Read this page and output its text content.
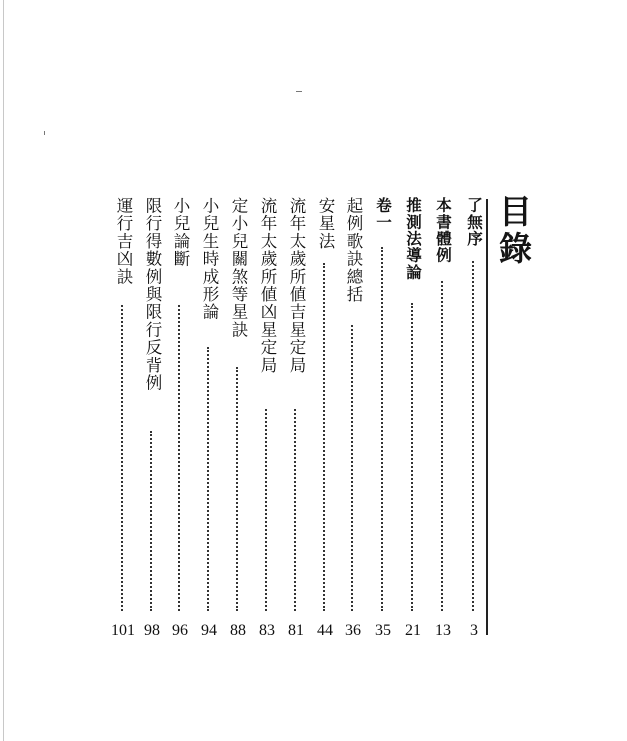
目錄
了無序
3
本書體例
13
推測法導論
21
卷一
35
起例歌訣總括
36
安星法
44
流年太歲所値吉星定局
81
流年太歲所値凶星定局
83
定小兒關煞等星訣
88
小兒生時成形論
94
小兒論斷
96
限行得數例與限行反背例
98
運行吉凶訣
101
